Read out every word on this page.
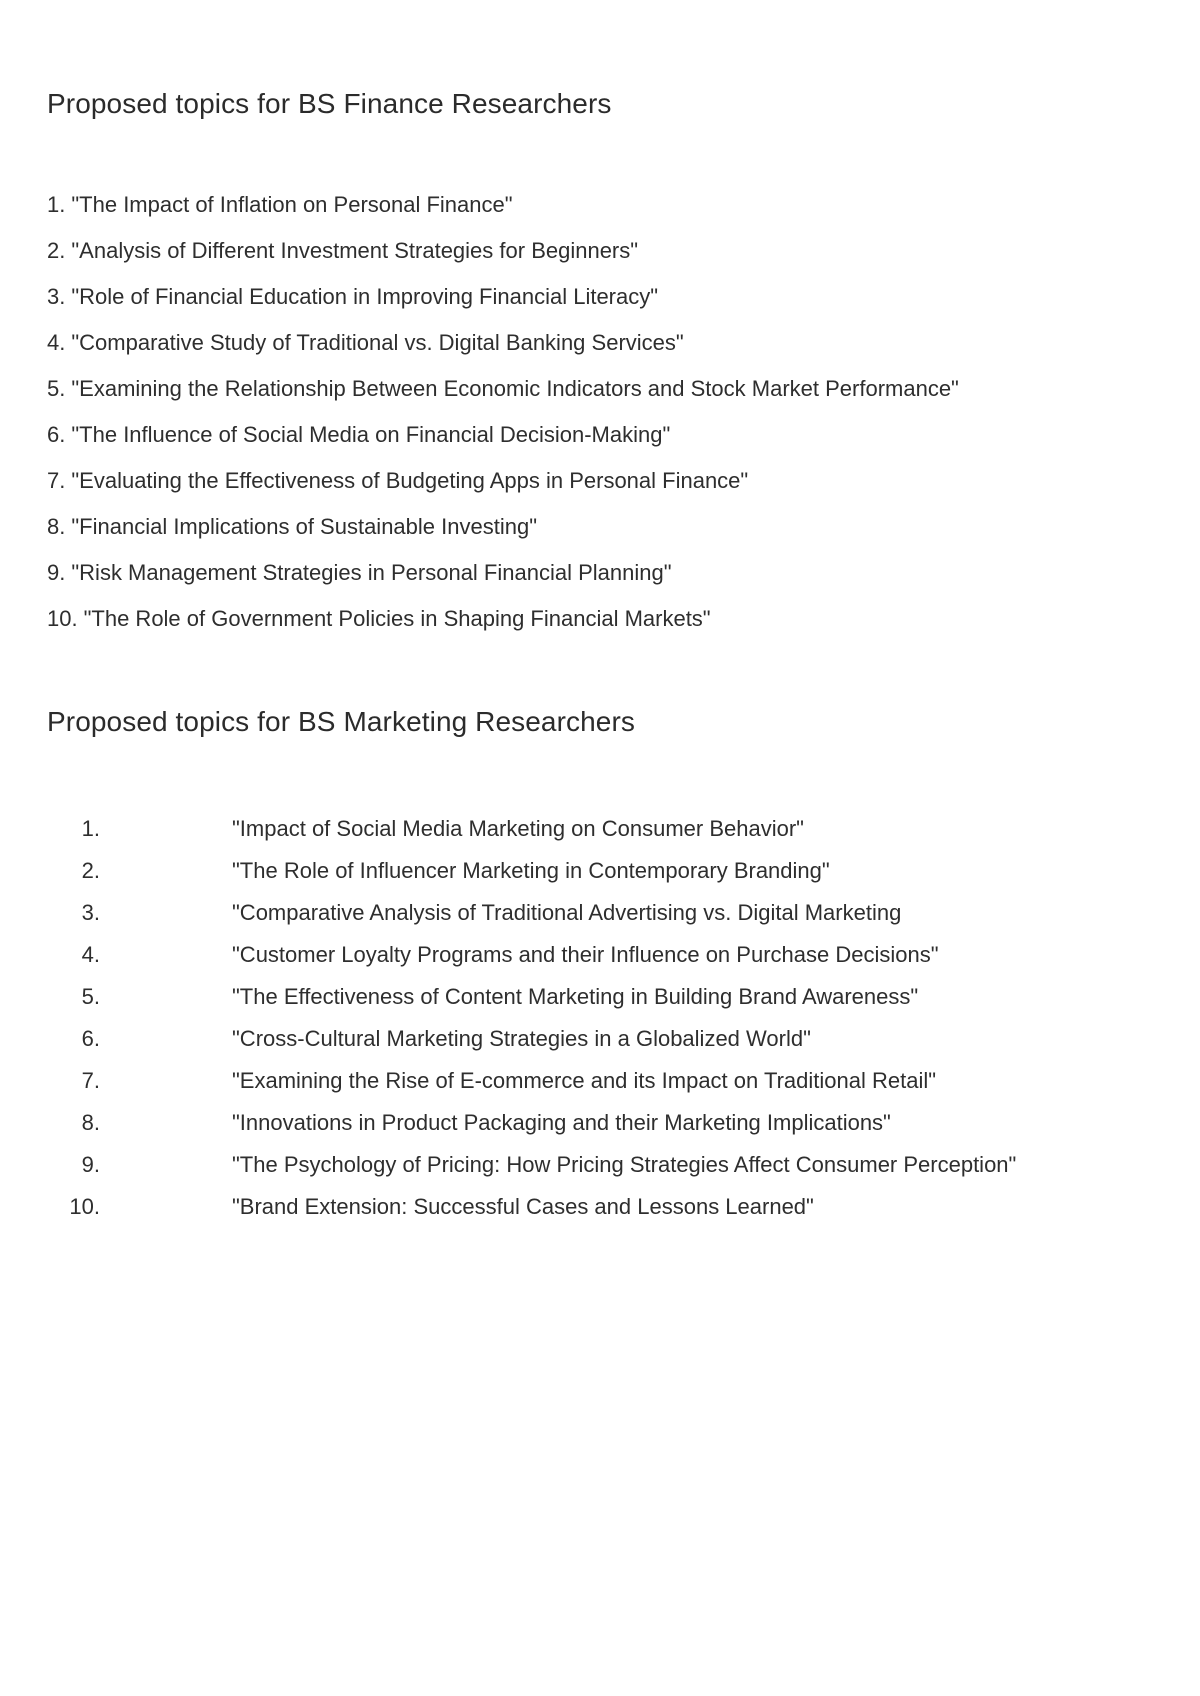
Proposed topics for BS Finance Researchers
1. "The Impact of Inflation on Personal Finance"
2. "Analysis of Different Investment Strategies for Beginners"
3. "Role of Financial Education in Improving Financial Literacy"
4. "Comparative Study of Traditional vs. Digital Banking Services"
5. "Examining the Relationship Between Economic Indicators and Stock Market Performance"
6. "The Influence of Social Media on Financial Decision-Making"
7. "Evaluating the Effectiveness of Budgeting Apps in Personal Finance"
8. "Financial Implications of Sustainable Investing"
9. "Risk Management Strategies in Personal Financial Planning"
10. "The Role of Government Policies in Shaping Financial Markets"
Proposed topics for BS Marketing Researchers
1.	"Impact of Social Media Marketing on Consumer Behavior"
2.	"The Role of Influencer Marketing in Contemporary Branding"
3.	"Comparative Analysis of Traditional Advertising vs. Digital Marketing
4.	"Customer Loyalty Programs and their Influence on Purchase Decisions"
5.	"The Effectiveness of Content Marketing in Building Brand Awareness"
6.	"Cross-Cultural Marketing Strategies in a Globalized World"
7.	"Examining the Rise of E-commerce and its Impact on Traditional Retail"
8.	"Innovations in Product Packaging and their Marketing Implications"
9.	"The Psychology of Pricing: How Pricing Strategies Affect Consumer Perception"
10.	"Brand Extension: Successful Cases and Lessons Learned"
